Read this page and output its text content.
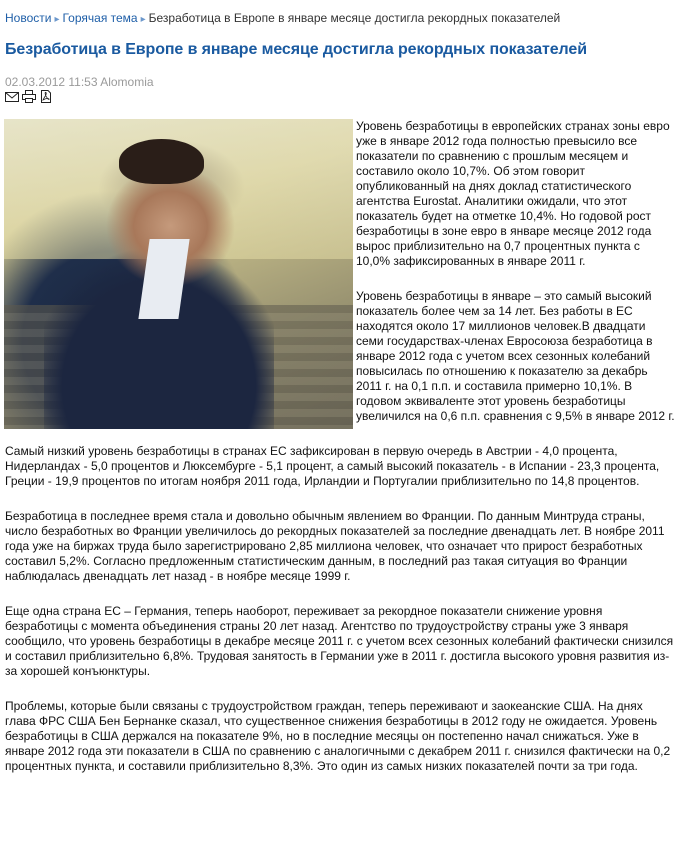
Новости ▸ Горячая тема ▸ Безработица в Европе в январе месяце достигла рекордных показателей
Безработица в Европе в январе месяце достигла рекордных показателей
02.03.2012 11:53 Alomomia

Уровень безработицы в европейских странах зоны евро уже в январе 2012 года полностью превысило все показатели по сравнению с прошлым месяцем и составило около 10,7%. Об этом говорит опубликованный на днях доклад статистического агентства Eurostat. Аналитики ожидали, что этот показатель будет на отметке 10,4%. Но годовой рост безработицы в зоне евро в январе месяце 2012 года вырос приблизительно на 0,7 процентных пункта с 10,0% зафиксированных в январе 2011 г.

Уровень безработицы в январе – это самый высокий показатель более чем за 14 лет. Без работы в ЕС находятся около 17 миллионов человек.В двадцати семи государствах-членах Евросоюза безработица в январе 2012 года с учетом всех сезонных колебаний повысилась по отношению к показателю за декабрь 2011 г. на 0,1 п.п. и составила примерно 10,1%. В годовом эквиваленте этот уровень безработицы увеличился на 0,6 п.п. сравнения с 9,5% в январе 2012 г.

Самый низкий уровень безработицы в странах ЕС зафиксирован в первую очередь в Австрии - 4,0 процента, Нидерландах - 5,0 процентов и Люксембурге - 5,1 процент, а самый высокий показатель - в Испании - 23,3 процента, Греции - 19,9 процентов по итогам ноября 2011 года, Ирландии и Португалии приблизительно по 14,8 процентов.

Безработица в последнее время стала и довольно обычным явлением во Франции. По данным Минтруда страны, число безработных во Франции увеличилось до рекордных показателей за последние двенадцать лет. В ноябре 2011 года уже на биржах труда было зарегистрировано 2,85 миллиона человек, что означает что прирост безработных составил 5,2%. Согласно предложенным статистическим данным, в последний раз такая ситуация во Франции наблюдалась двенадцать лет назад - в ноябре месяце 1999 г.

Еще одна страна ЕС – Германия, теперь наоборот, переживает за рекордное показатели снижение уровня безработицы с момента объединения страны 20 лет назад. Агентство по трудоустройству страны уже 3 января сообщило, что уровень безработицы в декабре месяце 2011 г. с учетом всех сезонных колебаний фактически снизился и составил приблизительно 6,8%. Трудовая занятость в Германии уже в 2011 г. достигла высокого уровня развития из-за хорошей конъюнктуры.

Проблемы, которые были связаны с трудоустройством граждан, теперь переживают и заокеанские США. На днях глава ФРС США Бен Бернанке сказал, что существенное снижения безработицы в 2012 году не ожидается. Уровень безработицы в США держался на показателе 9%, но в последние месяцы он постепенно начал снижаться. Уже в январе 2012 года эти показатели в США по сравнению с аналогичными с декабрем 2011 г. снизился фактически на 0,2 процентных пункта, и составили приблизительно 8,3%. Это один из самых низких показателей почти за три года.
